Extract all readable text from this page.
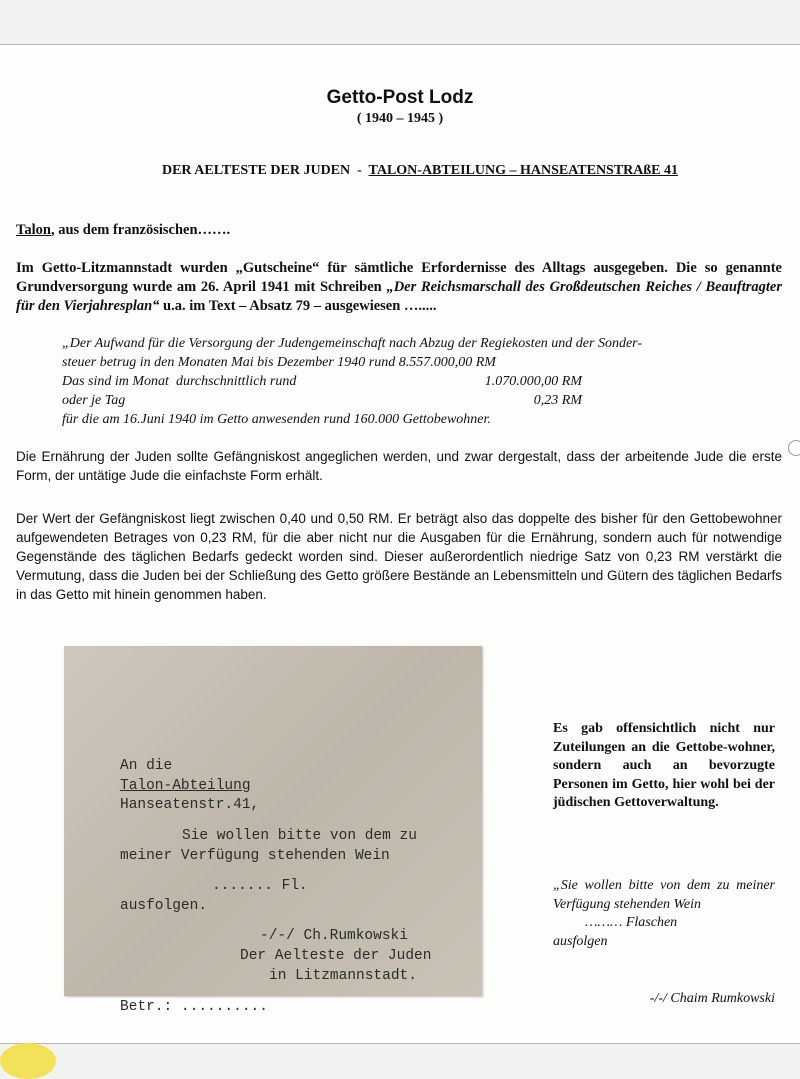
Getto-Post Lodz
( 1940 – 1945 )
DER AELTESTE DER JUDEN  -  TALON-ABTEILUNG – HANSEATENSTRAßE 41
Talon, aus dem französischen…….
Im Getto-Litzmannstadt wurden „Gutscheine“ für sämtliche Erfordernisse des Alltags ausgegeben. Die so genannte Grundversorgung wurde am 26. April 1941 mit Schreiben „Der Reichsmarschall des Großdeutschen Reiches / Beauftragter für den Vierjahresplan“ u.a. im Text – Absatz 79 – ausgewiesen ….....
„Der Aufwand für die Versorgung der Judengemeinschaft nach Abzug der Regiekosten und der Sonder-
steuer betrug in den Monaten Mai bis Dezember 1940 rund 8.557.000,00 RM
Das sind im Monat  durchschnittlich rund	1.070.000,00 RM
oder je Tag	0,23 RM
für die am 16.Juni 1940 im Getto anwesenden rund 160.000 Gettobewohner.
Die Ernährung der Juden sollte Gefängniskost angeglichen werden, und zwar dergestalt, dass der arbeitende Jude die erste Form, der untätige Jude die einfachste Form erhält.
Der Wert der Gefängniskost liegt zwischen 0,40 und 0,50 RM. Er beträgt also das doppelte des bisher für den Gettobewohner aufgewendeten Betrages von 0,23 RM, für die aber nicht nur die Ausgaben für die Ernährung, sondern auch für notwendige Gegenstände des täglichen Bedarfs gedeckt worden sind. Dieser außerordentlich niedrige Satz von 0,23 RM verstärkt die Vermutung, dass die Juden bei der Schließung des Getto größere Bestände an Lebensmitteln und Gütern des täglichen Bedarfs in das Getto mit hinein genommen haben.
An die
Talon-Abteilung
Hanseatenstr.41,
Sie wollen bitte von dem zu
meiner Verfügung stehenden Wein
....... Fl.
ausfolgen.
-/-/ Ch.Rumkowski
Der Aelteste der Juden
in Litzmannstadt.
Betr.: ..........
Es gab offensichtlich nicht nur Zuteilungen an die Gettobe-wohner, sondern auch an bevorzugte Personen im Getto, hier wohl bei der jüdischen Gettoverwaltung.
„Sie wollen bitte von dem zu meiner Verfügung stehenden Wein
……… Flaschen
ausfolgen
-/-/ Chaim Rumkowski
